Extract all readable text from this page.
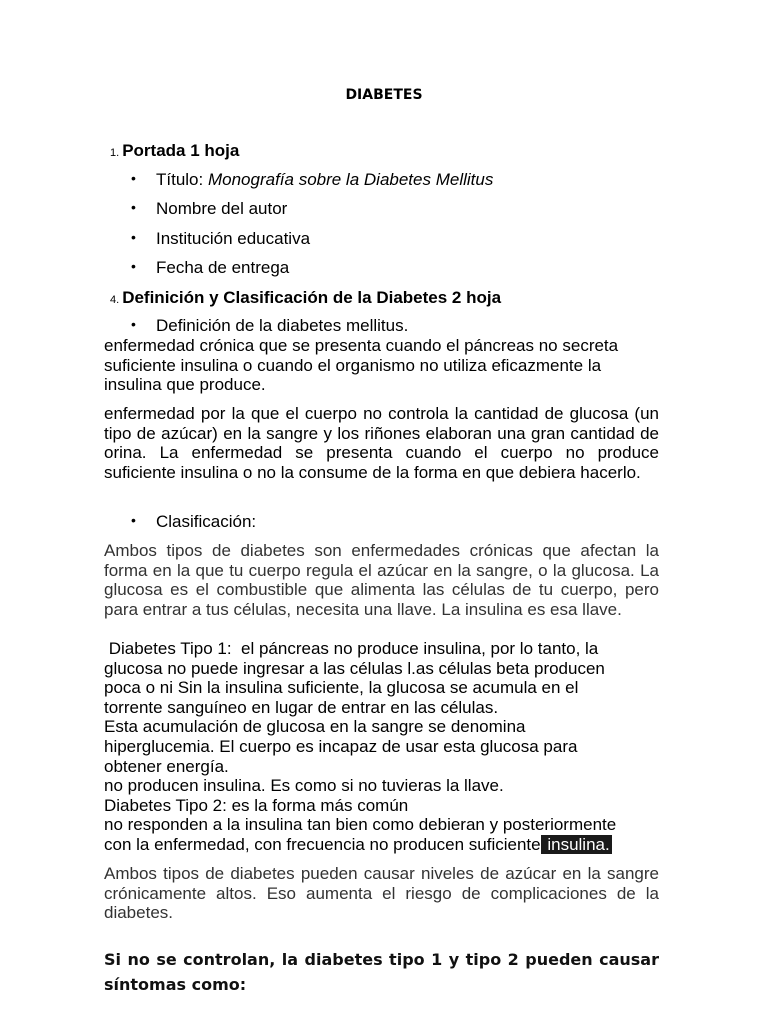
DIABETES
1. Portada 1 hoja
• Título: Monografía sobre la Diabetes Mellitus
• Nombre del autor
• Institución educativa
• Fecha de entrega
4. Definición y Clasificación de la Diabetes 2 hoja
• Definición de la diabetes mellitus.

enfermedad crónica que se presenta cuando el páncreas no secreta suficiente insulina o cuando el organismo no utiliza eficazmente la insulina que produce.

enfermedad por la que el cuerpo no controla la cantidad de glucosa (un tipo de azúcar) en la sangre y los riñones elaboran una gran cantidad de orina. La enfermedad se presenta cuando el cuerpo no produce suficiente insulina o no la consume de la forma en que debiera hacerlo.

• Clasificación:

Ambos tipos de diabetes son enfermedades crónicas que afectan la forma en la que tu cuerpo regula el azúcar en la sangre, o la glucosa. La glucosa es el combustible que alimenta las células de tu cuerpo, pero para entrar a tus células, necesita una llave. La insulina es esa llave.

Diabetes Tipo 1:  el páncreas no produce insulina, por lo tanto, la
glucosa no puede ingresar a las células l.as células beta producen
poca o ni Sin la insulina suficiente, la glucosa se acumula en el
torrente sanguíneo en lugar de entrar en las células.
Esta acumulación de glucosa en la sangre se denomina
hiperglucemia. El cuerpo es incapaz de usar esta glucosa para
obtener energía.
no producen insulina. Es como si no tuvieras la llave.
Diabetes Tipo 2: es la forma más común
no responden a la insulina tan bien como debieran y posteriormente
con la enfermedad, con frecuencia no producen suficiente insulina.

Ambos tipos de diabetes pueden causar niveles de azúcar en la sangre crónicamente altos. Eso aumenta el riesgo de complicaciones de la diabetes.

Si no se controlan, la diabetes tipo 1 y tipo 2 pueden causar síntomas como:
